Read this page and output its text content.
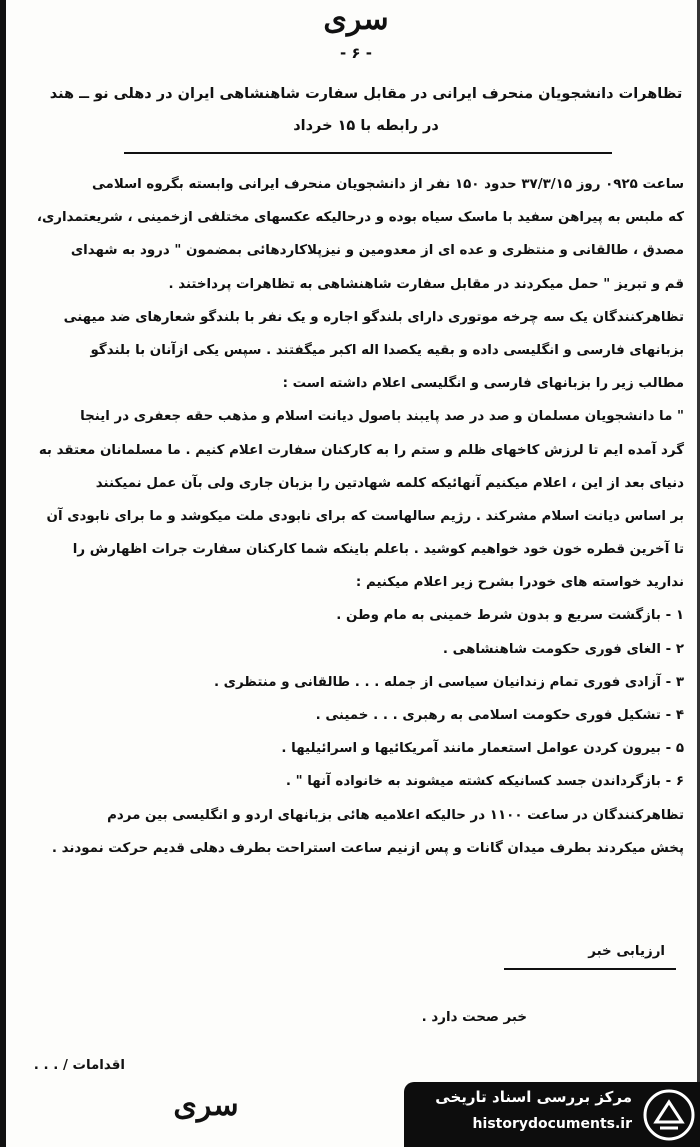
سری
- ۶ -
تظاهرات دانشجویان منحرف ایرانی در مقابل سفارت شاهنشاهی ایران در دهلی نو ــ هند
در رابطه با ۱۵ خرداد
ساعت ۰۹۲۵ روز ۳۷/۳/۱۵ حدود ۱۵۰ نفر از دانشجویان منحرف ایرانی وابسته بگروه اسلامی
که ملبس به پیراهن سفید با ماسک سیاه بوده و درحالیکه عکسهای مختلفی ازخمینی ، شریعتمداری،
مصدق ، طالقانی و منتظری و عده ای از معدومین و نیزپلاکاردهائی بمضمون " درود به شهدای
قم و تبریز " حمل میکردند در مقابل سفارت شاهنشاهی به تظاهرات پرداختند .
تظاهرکنندگان یک سه چرخه موتوری دارای بلندگو اجاره و یک نفر با بلندگو شعارهای ضد میهنی
بزبانهای فارسی و انگلیسی داده و بقیه یکصدا اله اکبر میگفتند . سپس یکی ازآنان با بلندگو
مطالب زیر را بزبانهای فارسی و انگلیسی اعلام داشته است :
" ما دانشجویان مسلمان و صد در صد پایبند باصول دیانت اسلام و مذهب حقه جعفری در اینجا
گرد آمده ایم تا لرزش کاخهای ظلم و ستم را به کارکنان سفارت اعلام کنیم . ما مسلمانان معتقد به
دنیای بعد از این ، اعلام میکنیم آنهائیکه کلمه شهادتین را بزبان جاری ولی بآن عمل نمیکنند
بر اساس دیانت اسلام مشرکند . رژیم سالهاست که برای نابودی ملت میکوشد و ما برای نابودی آن
تا آخرین قطره خون خود خواهیم کوشید . باعلم باینکه شما کارکنان سفارت جرات اظهارش را
ندارید خواسته های خودرا بشرح زیر اعلام میکنیم :
۱ - بازگشت سریع و بدون شرط خمینی به مام وطن .
۲ - الغای فوری حکومت شاهنشاهی .
۳ - آزادی فوری تمام زندانیان سیاسی از جمله . . . طالقانی و منتظری .
۴ - تشکیل فوری حکومت اسلامی به رهبری . . . خمینی .
۵ - بیرون کردن عوامل استعمار مانند آمریکائیها و اسرائیلیها .
۶ - بازگرداندن جسد کسانیکه کشته میشوند به خانواده آنها " .
تظاهرکنندگان در ساعت ۱۱۰۰ در حالیکه اعلامیه هائی بزبانهای اردو و انگلیسی بین مردم
پخش میکردند بطرف میدان گانات و پس ازنیم ساعت استراحت بطرف دهلی قدیم حرکت نمودند .
ارزیابی خبر
خبر صحت دارد .
اقدامات / . . .
سری	مرکز بررسی اسناد تاریخی
historydocuments.ir
